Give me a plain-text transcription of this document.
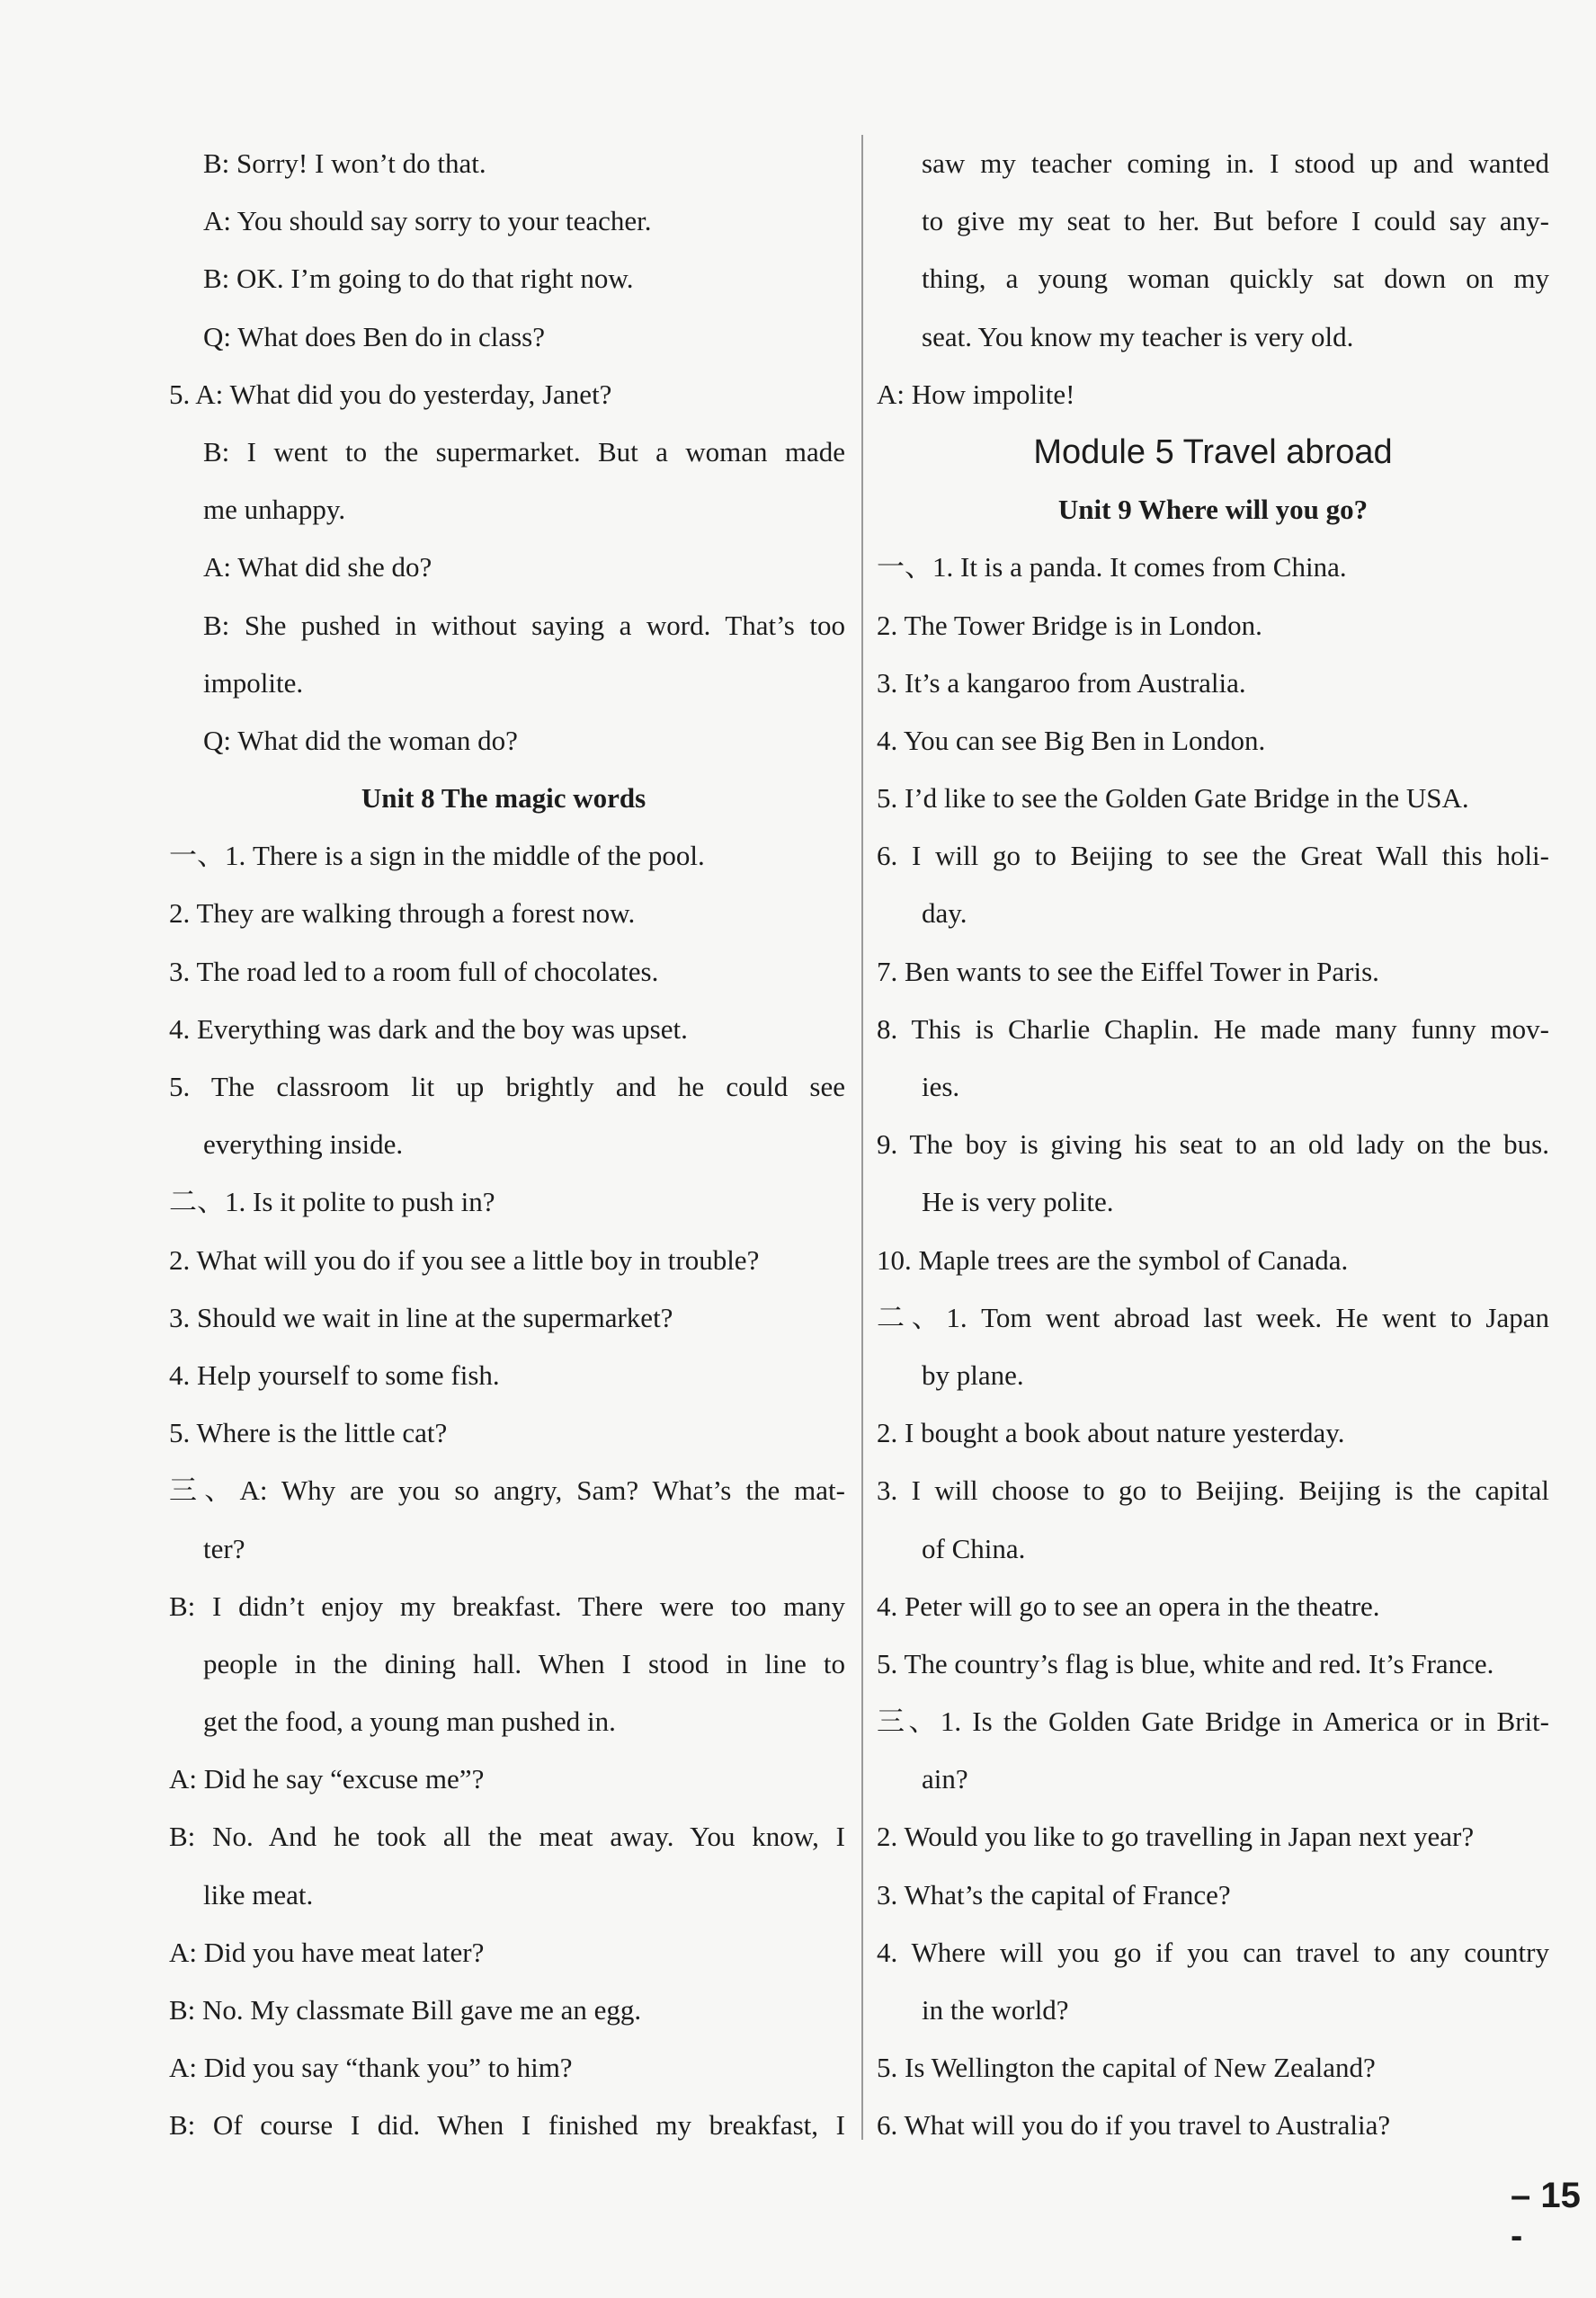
B: Sorry! I won’t do that.
A: You should say sorry to your teacher.
B: OK. I’m going to do that right now.
Q: What does Ben do in class?
5. A: What did you do yesterday, Janet?
B: I went to the supermarket. But a woman made
me unhappy.
A: What did she do?
B: She pushed in without saying a word. That’s too
impolite.
Q: What did the woman do?
Unit 8 The magic words
一、1. There is a sign in the middle of the pool.
2. They are walking through a forest now.
3. The road led to a room full of chocolates.
4. Everything was dark and the boy was upset.
5. The classroom lit up brightly and he could see
everything inside.
二、1. Is it polite to push in?
2. What will you do if you see a little boy in trouble?
3. Should we wait in line at the supermarket?
4. Help yourself to some fish.
5. Where is the little cat?
三、A: Why are you so angry, Sam? What’s the mat-
ter?
B: I didn’t enjoy my breakfast. There were too many
people in the dining hall. When I stood in line to
get the food, a young man pushed in.
A: Did he say “excuse me”?
B: No. And he took all the meat away. You know, I
like meat.
A: Did you have meat later?
B: No. My classmate Bill gave me an egg.
A: Did you say “thank you” to him?
B: Of course I did. When I finished my breakfast, I
saw my teacher coming in. I stood up and wanted
to give my seat to her. But before I could say any-
thing, a young woman quickly sat down on my
seat. You know my teacher is very old.
A: How impolite!
Module 5 Travel abroad
Unit 9 Where will you go?
一、1. It is a panda. It comes from China.
2. The Tower Bridge is in London.
3. It’s a kangaroo from Australia.
4. You can see Big Ben in London.
5. I’d like to see the Golden Gate Bridge in the USA.
6. I will go to Beijing to see the Great Wall this holi-
day.
7. Ben wants to see the Eiffel Tower in Paris.
8. This is Charlie Chaplin. He made many funny mov-
ies.
9. The boy is giving his seat to an old lady on the bus.
He is very polite.
10. Maple trees are the symbol of Canada.
二、1. Tom went abroad last week. He went to Japan
by plane.
2. I bought a book about nature yesterday.
3. I will choose to go to Beijing. Beijing is the capital
of China.
4. Peter will go to see an opera in the theatre.
5. The country’s flag is blue, white and red. It’s France.
三、1. Is the Golden Gate Bridge in America or in Brit-
ain?
2. Would you like to go travelling in Japan next year?
3. What’s the capital of France?
4. Where will you go if you can travel to any country
in the world?
5. Is Wellington the capital of New Zealand?
6. What will you do if you travel to Australia?
– 15 -
